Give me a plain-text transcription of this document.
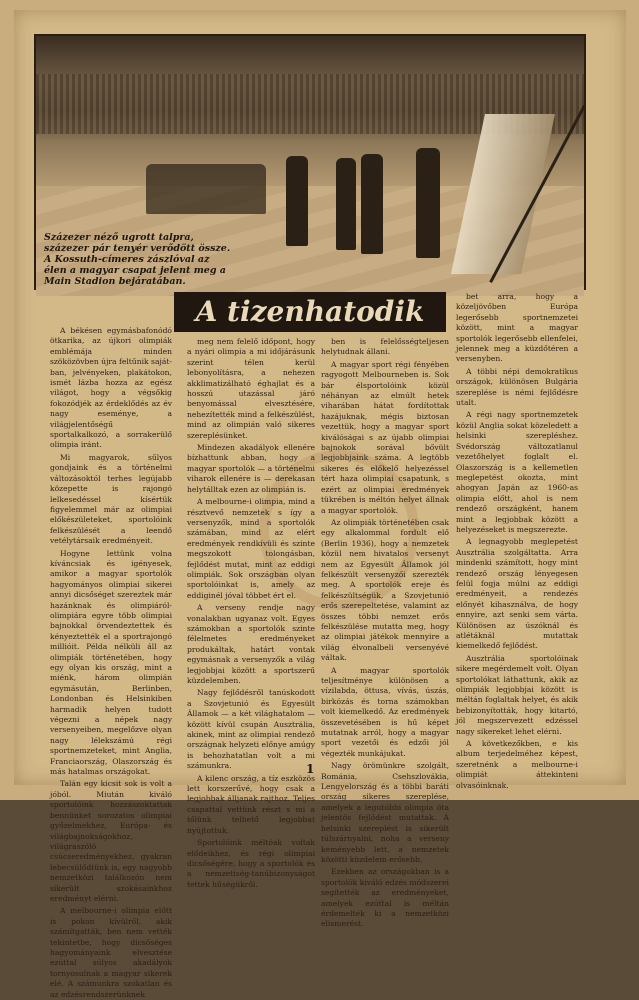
Százezer néző ugrott talpra, százezer pár tenyér verődött össze. A Kossuth-címeres zászlóval az élen a magyar csapat jelent meg a Main Stadion bejáratában.
A tizenhatodik

A békésen egymásbafonódó ötkarika, az újkori olimpiák emblémája minden szöközövben újra feltűnik sajátban, jelvényeken, plakátokon, ismét lázba hozza az egész világot, hogy a végsőkig fokozódjék az érdeklődés az év nagy eseménye, a világjelentőségű sportalkalkozó, a sorrakerülő olimpia iránt.

Mi magyarok, sűlyos gondjaink és a történelmi változásoktól terhes legújabb közepette is rajongó lelkesedéssel kísértük figyelemmel már az olimpiai előkészületeket, sportolóink felkészülését a leendő vetélytársaik eredményeit.

Hogyne lettünk volna kíváncsiak és igényesek, amikor a magyar sportolók hagyományos olimpiai sikerei annyi dicsőséget szereztek már hazánknak és olimpiáról-olimpiára egyre több olimpiai bajnokkal örvendeztettek és kényeztették el a sportrajongó millióit. Példa nélküli áll az olimpiák történetében, hogy egy olyan kis ország, mint a miénk, három olimpián egymásután, Berlinben, Londonban és Helsinkiben harmadik helyen tudott végezni a népek nagy versenyeiben, megelőzve olyan nagy lélekszámú régi sportnemzeteket, mint Anglia, Franciaország, Olaszország és más hatalmas országokat.

Talán egy kicsit sok is volt a jóból. Miután kiváló sportolóink hozzászoktattak bennünket sorozatos olimpiai győzelmekhez, Európa- és világbajnokságokhoz, világraszóló csúcseredményekhez, gyakran lebecsülődtünk is, egy nagyobb nemzetközi találkozón nem sikerült szokásainkhoz eredményt elérni.

A melbourne-i olimpia előtt is pokon kívülről, akik számítgatták, ben nem vették tekintetbe, hogy dicsőséges hagyományaink elvesztése ezúttal súlyos akadályok tornyosulnak a magyar sikerek elé. A számunkra szokatlan és az edzésrendszerünknek

meg nem felelő időpont, hogy a nyári olimpia a mi időjárásunk szerint télen kerül lebonyolításra, a nehezen akklimatizálható éghajlat és a hosszú utazással járó benyomással elvesztésére, nehezítették mind a felkészülést, mind az olimpián való sikeres szereplésünket.

Mindezen akadályok ellenére bízhattunk abban, hogy a magyar sportolók — a történelmi viharok ellenére is — derekasan helytálltak ezen az olimpián is.

A melbourne-i olimpia, mind a résztvevő nemzetek s így a versenyzők, mind a sportolók számában, mind az elért eredmények rendkívüli és szinte megszokott tolongásban, fejlődést mutat, mint az eddigi olimpiák. Sok országban olyan sportolóinkat is, amely az eddiginél jóval többet ért el.

A verseny rendje nagy vonalakban ugyanaz volt. Egyes számokban a sportolók szinte félelmetes eredményeket produkáltak, határt vontak egymásnak a versenyzők a világ legjobbjai között a sportszerű küzdelemben.

Nagy fejlődésről tanúskodott a Szovjetunió és Egyesült Államok — a két világhatalom — között kívül csupán Ausztrália, akinek, mint az olimpiai rendező országnak helyzeti előnye amúgy is behozhatatlan volt a mi számunkra.

A kilenc ország, a tíz eszközös lett korszerűvé, hogy csak a legjobbak álljanak rajthoz. Teljes csapattal vettünk részt s mi a tőlünk telhető legjobbat nyújtottuk.

Sportolóink méltóak voltak elődeikhez, és régi olimpiai dicsőségére, hogy a sportolók és a nemzetiség-tanúbizonyságot tettek hűségükről.

ben is felelősségteljesen helytudnak állani.

A magyar sport régi fényében ragyogott Melbourneben is. Sok bár élsportolóink közül néhányan az elmúlt hetek viharában hátat fordítottak hazájuknak, mégis biztosan vezettük, hogy a magyar sport kiválóságai s az újabb olimpiai bajnokok sorával bővült legjobbjaink száma. A legtöbb sikeres és előkelő helyezéssel tért haza olimpiai csapatunk, s ezért az olimpiai eredmények tükrében is méltón helyet állnak a magyar sportolók.

Az olimpiák történetében csak egy alkalommal fordult elő (Berlin 1936), hogy a nemzetek közül nem hivatalos versenyt nem az Egyesült Államok jól felkészült versenyzői szerezték meg. A sportolók ereje és felkészültségük, a Szovjetunió erős szerepeltetése, valamint az összes többi nemzet erős felkészülése mutatta meg, hogy az olimpiai játékok mennyire a világ élvonalbeli versenyévé váltak.

A magyar sportolók teljesítménye különösen a vízilabda, öttusa, vívás, úszás, birkózás és torna számokban volt kiemelkedő. Az eredmények összevetésében is hű képet mutatnak arról, hogy a magyar sport vezetői és edzői jól végezték munkájukat.

Nagy örömünkre szolgált, Románia, Csehszlovákia, Lengyelország és a többi baráti ország sikeres szereplése, amelyek a legutóbbi olimpia óta jelentős fejlődést mutattak. A helsinki szereplést is sikerült túlszárnyalni, noha a verseny keményebb lett, a nemzetek közötti küzdelem erősebb.

Ezekben az országokban is a sportolók kiváló edzés módszerei segítették az eredményeket, amelyek ezúttal is méltán érdemelték ki a nemzetközi elismerést.

bet arra, hogy a közeljövőben Európa legerősebb sportnemzetei között, mint a magyar sportolók legerősebb ellenfelei, jelennek meg a küzdőtéren a versenyben.

A többi népi demokratikus országok, különösen Bulgária szereplése is némi fejlődésre utalt.

A régi nagy sportnemzetek közül Anglia sokat közeledett a helsinki szerepléshez. Svédország változatlanul vezetőhelyet foglalt el. Olaszország is a kellemetlen meglepetést okozta, mint ahogyan Japán az 1960-as olimpia előtt, ahol is nem rendező országként, hanem mint a legjobbak között a helyezéseket is megszerezte.

A legnagyobb meglepetést Ausztrália szolgáltatta. Arra mindenki számított, hogy mint rendező ország lényegesen felül fogja múlni az eddigi eredményeit, a rendezés előnyét kihasználva, de hogy ennyire, azt senki sem várta. Különösen az úszóknál és atlétáknál mutattak kiemelkedő fejlődést.

Ausztrália sportolóinak sikere megérdemelt volt. Olyan sportolókat láthattunk, akik az olimpiák legjobbjai között is méltán foglaltak helyet, és akik bebizonyították, hogy kitartó, jól megszervezett edzéssel nagy sikereket lehet elérni.

A következőkben, e kis album terjedelméhez képest, szeretnénk a melbourne-i olimpiát áttekinteni olvasóinknak.

1
